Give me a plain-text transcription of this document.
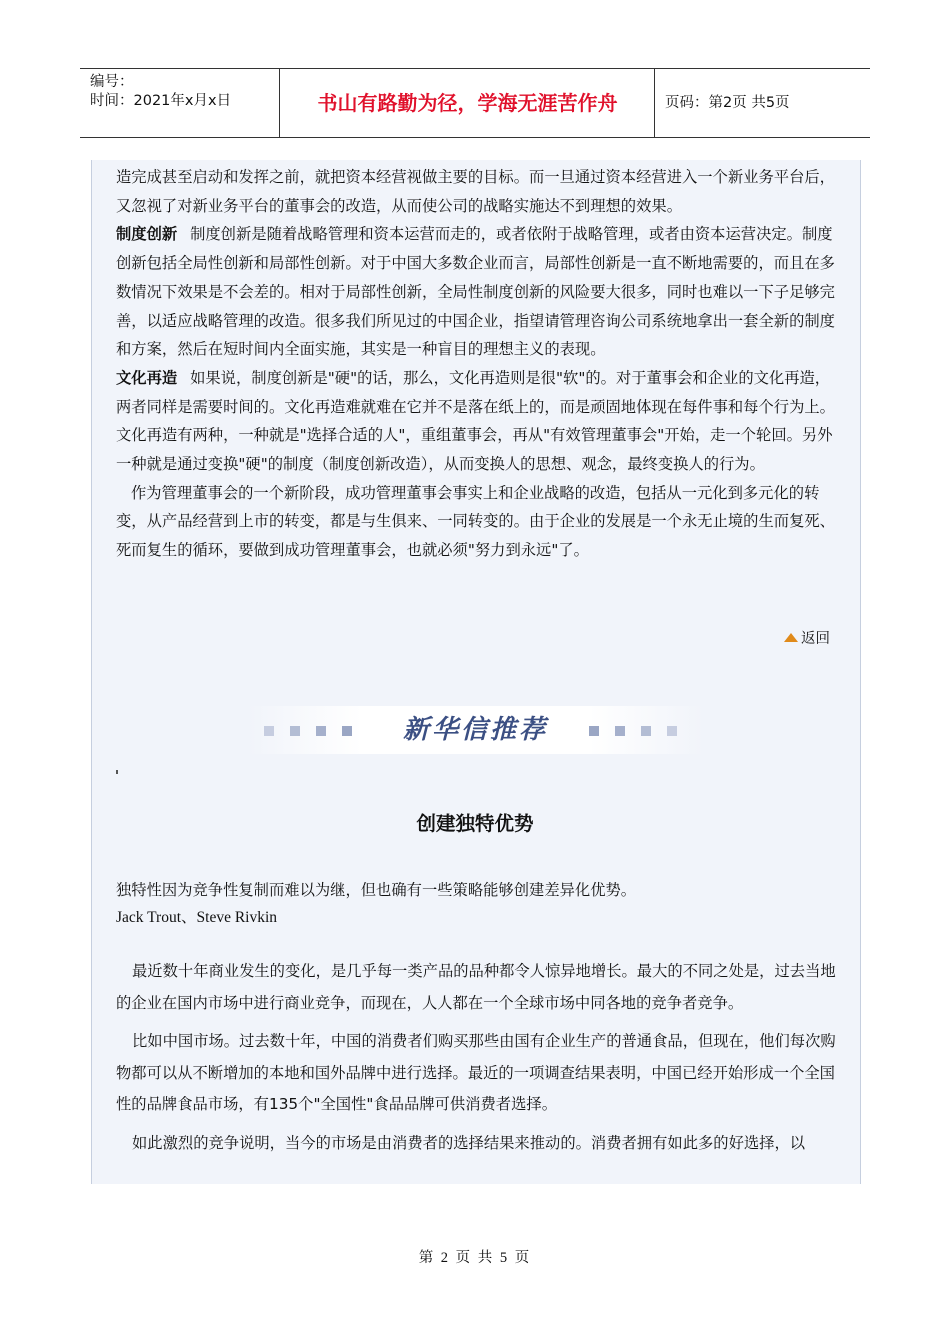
编号：
时间：2021年x月x日	书山有路勤为径，学海无涯苦作舟	页码：第2页 共5页

造完成甚至启动和发挥之前，就把资本经营视做主要的目标。而一旦通过资本经营进入一个新业务平台后，又忽视了对新业务平台的董事会的改造，从而使公司的战略实施达不到理想的效果。

制度创新 制度创新是随着战略管理和资本运营而走的，或者依附于战略管理，或者由资本运营决定。制度创新包括全局性创新和局部性创新。对于中国大多数企业而言，局部性创新是一直不断地需要的，而且在多数情况下效果是不会差的。相对于局部性创新，全局性制度创新的风险要大很多，同时也难以一下子足够完善，以适应战略管理的改造。很多我们所见过的中国企业，指望请管理咨询公司系统地拿出一套全新的制度和方案，然后在短时间内全面实施，其实是一种盲目的理想主义的表现。

文化再造 如果说，制度创新是"硬"的话，那么，文化再造则是很"软"的。对于董事会和企业的文化再造，两者同样是需要时间的。文化再造难就难在它并不是落在纸上的，而是顽固地体现在每件事和每个行为上。文化再造有两种，一种就是"选择合适的人"，重组董事会，再从"有效管理董事会"开始，走一个轮回。另外一种就是通过变换"硬"的制度（制度创新改造），从而变换人的思想、观念，最终变换人的行为。

作为管理董事会的一个新阶段，成功管理董事会事实上和企业战略的改造，包括从一元化到多元化的转变，从产品经营到上市的转变，都是与生俱来、一同转变的。由于企业的发展是一个永无止境的生而复死、死而复生的循环，要做到成功管理董事会，也就必须"努力到永远"了。

返回
新华信推荐
创建独特优势
独特性因为竞争性复制而难以为继，但也确有一些策略能够创建差异化优势。
Jack Trout、Steve Rivkin

最近数十年商业发生的变化，是几乎每一类产品的品种都令人惊异地增长。最大的不同之处是，过去当地的企业在国内市场中进行商业竞争，而现在，人人都在一个全球市场中同各地的竞争者竞争。

比如中国市场。过去数十年，中国的消费者们购买那些由国有企业生产的普通食品，但现在，他们每次购物都可以从不断增加的本地和国外品牌中进行选择。最近的一项调查结果表明，中国已经开始形成一个全国性的品牌食品市场，有135个"全国性"食品品牌可供消费者选择。

如此激烈的竞争说明，当今的市场是由消费者的选择结果来推动的。消费者拥有如此多的好选择，以

第 2 页 共 5 页
